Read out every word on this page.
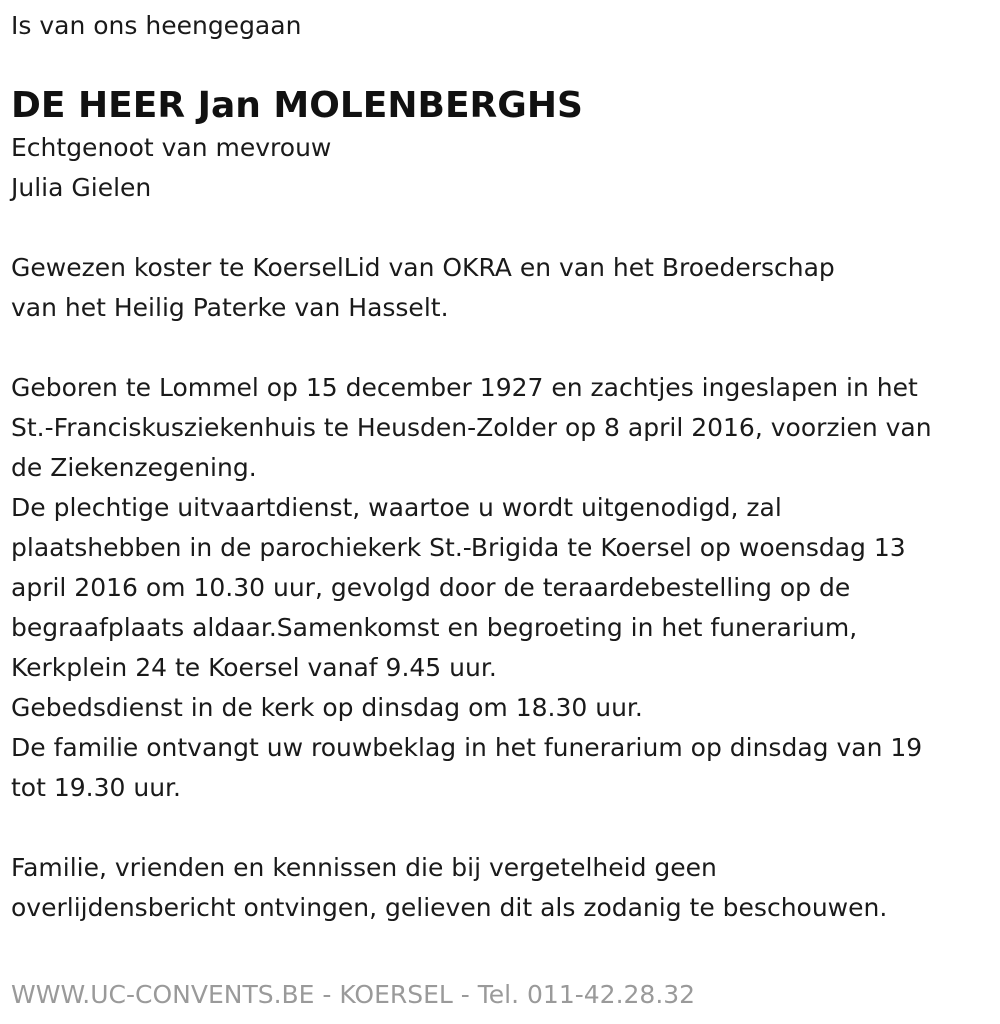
Is van ons heengegaan

DE HEER Jan MOLENBERGHS

Echtgenoot van mevrouw

Julia Gielen

Gewezen koster te KoerselLid van OKRA en van het Broederschap

van het Heilig Paterke van Hasselt.

Geboren te Lommel op 15 december 1927 en zachtjes ingeslapen in het

St.-Franciskusziekenhuis te Heusden-Zolder op 8 april 2016, voorzien van

de Ziekenzegening.

De plechtige uitvaartdienst, waartoe u wordt uitgenodigd, zal

plaatshebben in de parochiekerk St.-Brigida te Koersel op woensdag 13

april 2016 om 10.30 uur, gevolgd door de teraardebestelling op de

begraafplaats aldaar.Samenkomst en begroeting in het funerarium,

Kerkplein 24 te Koersel vanaf 9.45 uur.

Gebedsdienst in de kerk op dinsdag om 18.30 uur.

De familie ontvangt uw rouwbeklag in het funerarium op dinsdag van 19

tot 19.30 uur.

Familie, vrienden en kennissen die bij vergetelheid geen

overlijdensbericht ontvingen, gelieven dit als zodanig te beschouwen.

WWW.UC-CONVENTS.BE - KOERSEL - Tel. 011-42.28.32
